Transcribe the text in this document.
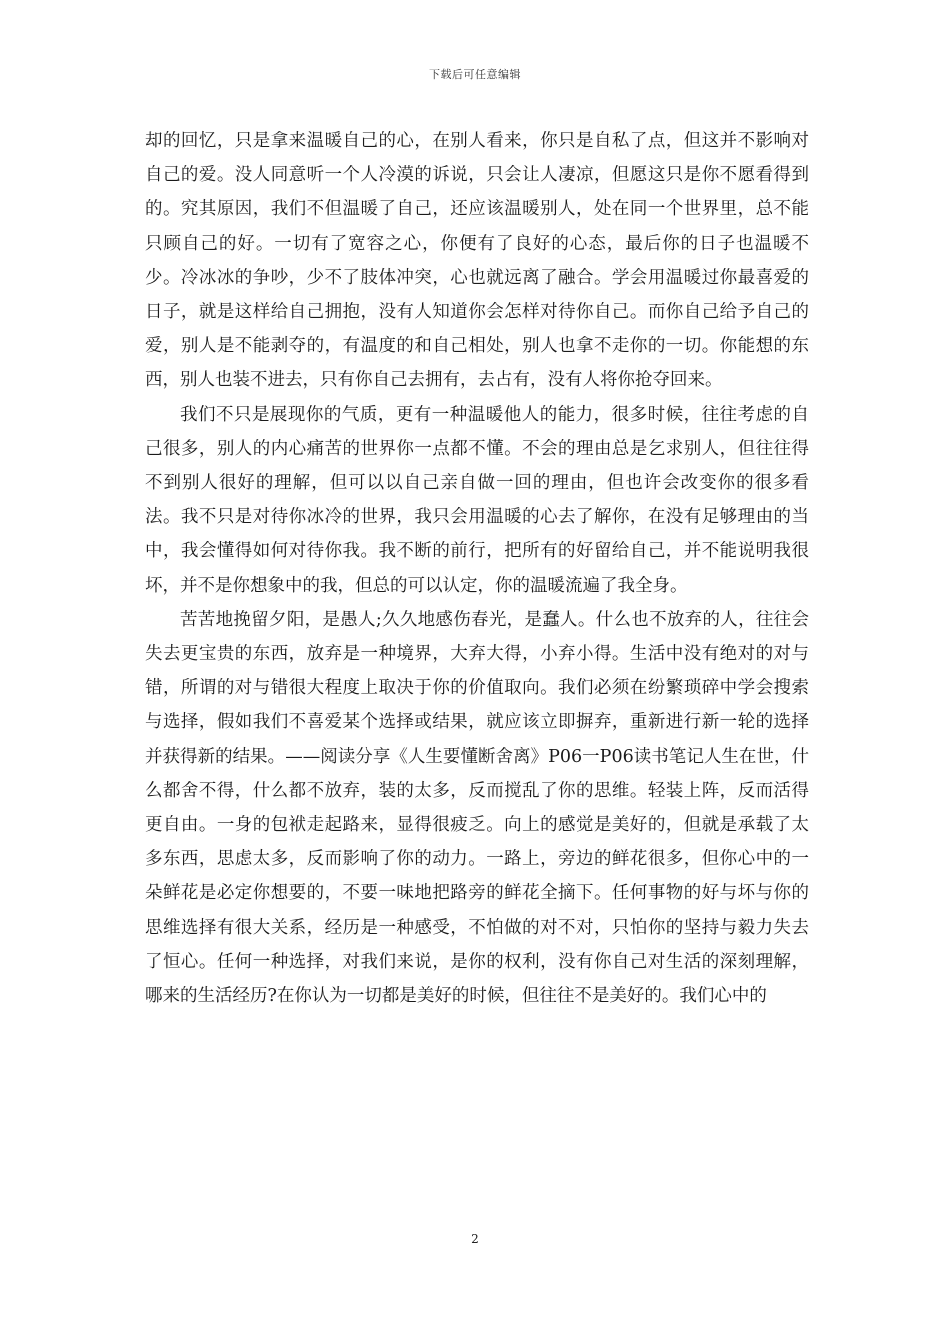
下载后可任意编辑

却的回忆，只是拿来温暖自己的心，在别人看来，你只是自私了点，但这并不影响对自己的爱。没人同意听一个人冷漠的诉说，只会让人凄凉，但愿这只是你不愿看得到的。究其原因，我们不但温暖了自己，还应该温暖别人，处在同一个世界里，总不能只顾自己的好。一切有了宽容之心，你便有了良好的心态，最后你的日子也温暖不少。冷冰冰的争吵，少不了肢体冲突，心也就远离了融合。学会用温暖过你最喜爱的日子，就是这样给自己拥抱，没有人知道你会怎样对待你自己。而你自己给予自己的爱，别人是不能剥夺的，有温度的和自己相处，别人也拿不走你的一切。你能想的东西，别人也装不进去，只有你自己去拥有，去占有，没有人将你抢夺回来。

我们不只是展现你的气质，更有一种温暖他人的能力，很多时候，往往考虑的自己很多，别人的内心痛苦的世界你一点都不懂。不会的理由总是乞求别人，但往往得不到别人很好的理解，但可以以自己亲自做一回的理由，但也许会改变你的很多看法。我不只是对待你冰冷的世界，我只会用温暖的心去了解你，在没有足够理由的当中，我会懂得如何对待你我。我不断的前行，把所有的好留给自己，并不能说明我很坏，并不是你想象中的我，但总的可以认定，你的温暖流遍了我全身。

苦苦地挽留夕阳，是愚人;久久地感伤春光，是蠢人。什么也不放弃的人，往往会失去更宝贵的东西，放弃是一种境界，大弃大得，小弃小得。生活中没有绝对的对与错，所谓的对与错很大程度上取决于你的价值取向。我们必须在纷繁琐碎中学会搜索与选择，假如我们不喜爱某个选择或结果，就应该立即摒弃，重新进行新一轮的选择并获得新的结果。——阅读分享《人生要懂断舍离》P06一P06读书笔记人生在世，什么都舍不得，什么都不放弃，装的太多，反而搅乱了你的思维。轻装上阵，反而活得更自由。一身的包袱走起路来，显得很疲乏。向上的感觉是美好的，但就是承载了太多东西，思虑太多，反而影响了你的动力。一路上，旁边的鲜花很多，但你心中的一朵鲜花是必定你想要的，不要一味地把路旁的鲜花全摘下。任何事物的好与坏与你的思维选择有很大关系，经历是一种感受，不怕做的对不对，只怕你的坚持与毅力失去了恒心。任何一种选择，对我们来说，是你的权利，没有你自己对生活的深刻理解，哪来的生活经历?在你认为一切都是美好的时候，但往往不是美好的。我们心中的

2
